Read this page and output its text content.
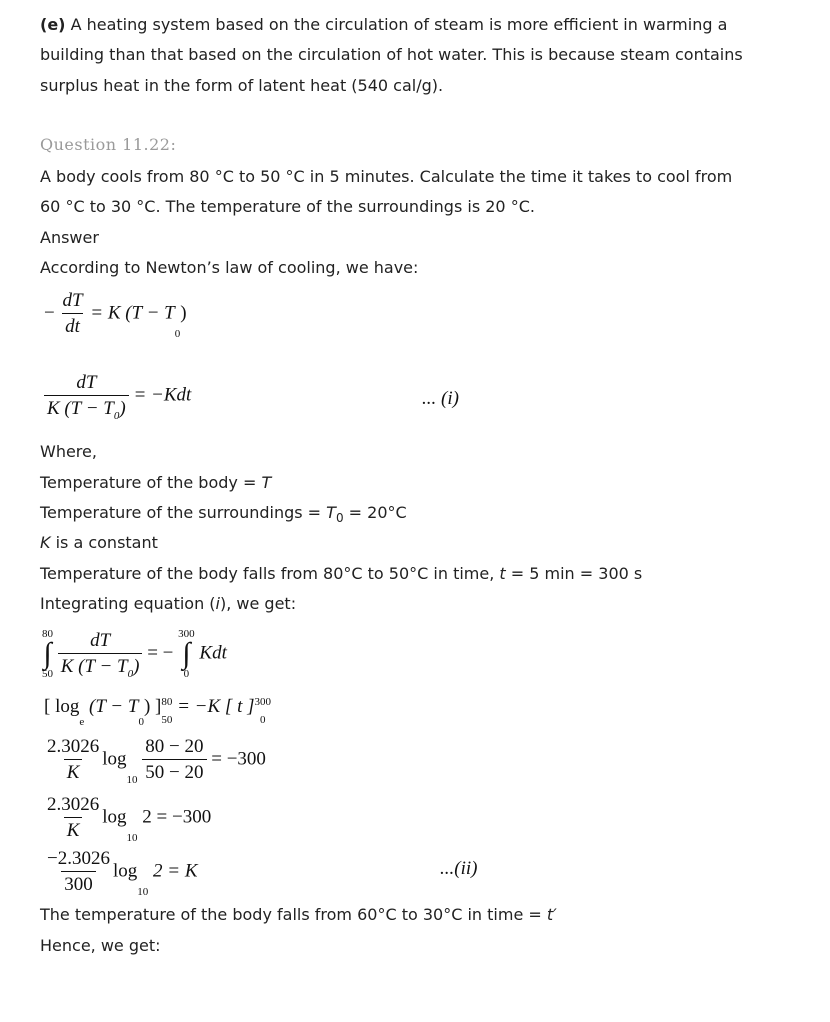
(e) A heating system based on the circulation of steam is more efficient in warming a

building than that based on the circulation of hot water. This is because steam contains

surplus heat in the form of latent heat (540 cal/g).

Question 11.22:

A body cools from 80 °C to 50 °C in 5 minutes. Calculate the time it takes to cool from

60 °C to 30 °C. The temperature of the surroundings is 20 °C.

Answer

According to Newton’s law of cooling, we have:

− $\frac{dT}{dt} = K$ (T − T0)
$\frac{dT}{K (T - T0)} = -Kdt$	... (i)

Where,

Temperature of the body = T

Temperature of the surroundings = $T_0 = 20^\circ C$

K is a constant

Temperature of the body falls from 80°C to 50°C in time, t = 5 min = 300 s

Integrating equation (i), we get:

80
∫
50
$\frac{dT}{K (T - T0)}$ = −
300
∫
0
Kdt
[ loge (T − T0) ] 80
50
= −K [ t ] 300
0
$\frac{2.3026}{K} \log 10 \frac{80 - 20}{50 - 20} = -300$
$\frac{2.3026}{K} \log 10$ 2 = −300
$\frac{-2.3026}{300} \log 10$ 2 = K	...(ii)

The temperature of the body falls from 60°C to 30°C in time = t′

Hence, we get:
